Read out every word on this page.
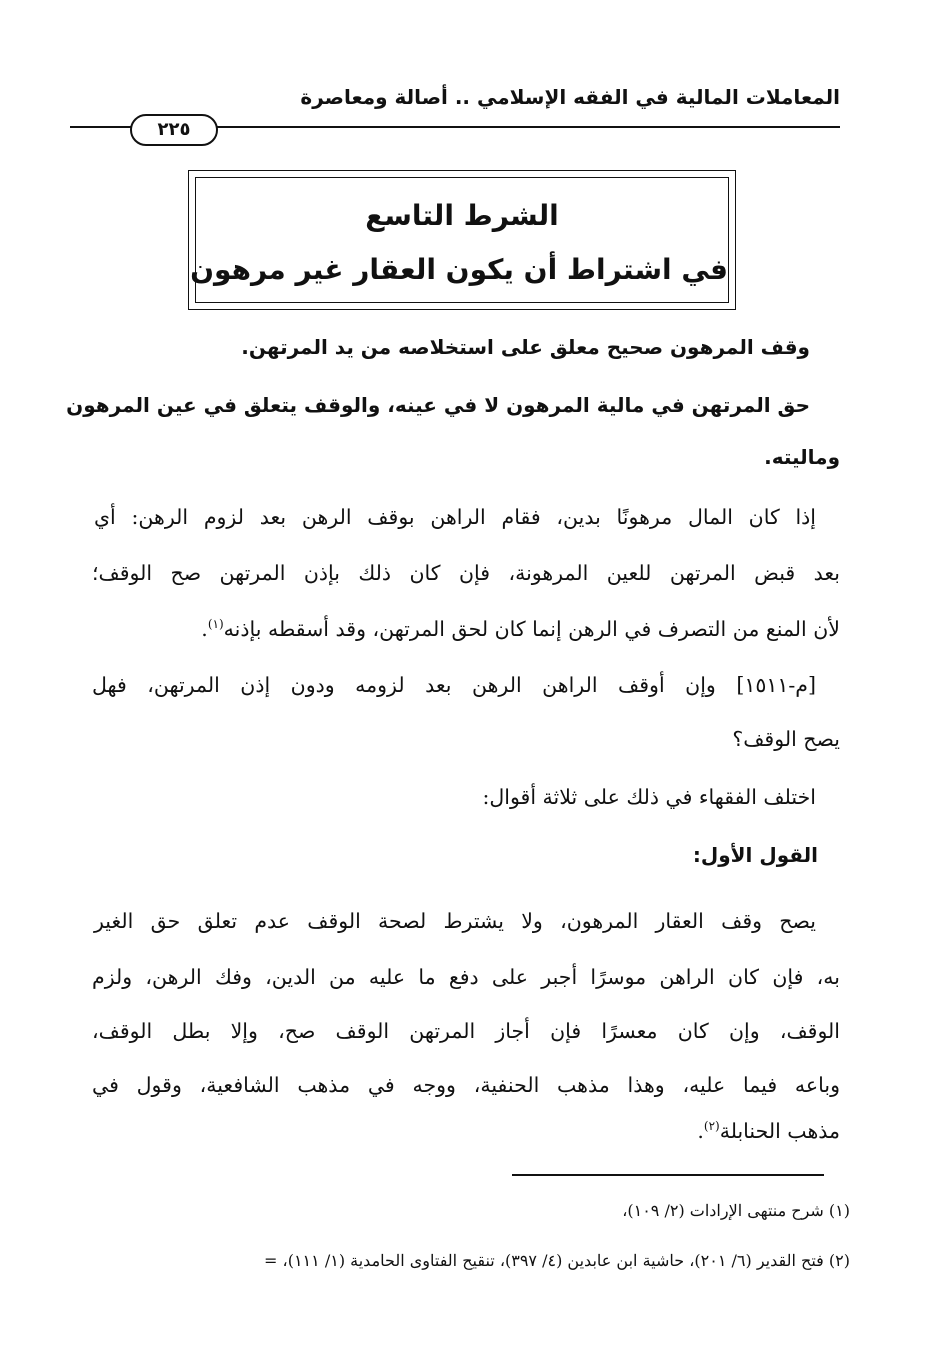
المعاملات المالية في الفقه الإسلامي .. أصالة ومعاصرة
٢٢٥
الشرط التاسع
في اشتراط أن يكون العقار غير مرهون
وقف المرهون صحيح معلق على استخلاصه من يد المرتهن.
حق المرتهن في مالية المرهون لا في عينه، والوقف يتعلق في عين المرهون
وماليته.
إذا كان المال مرهونًا بدين، فقام الراهن بوقف الرهن بعد لزوم الرهن: أي
بعد قبض المرتهن للعين المرهونة، فإن كان ذلك بإذن المرتهن صح الوقف؛
لأن المنع من التصرف في الرهن إنما كان لحق المرتهن، وقد أسقطه بإذنه$^{(١)}$.
[م-١٥١١] وإن أوقف الراهن الرهن بعد لزومه ودون إذن المرتهن، فهل
يصح الوقف؟
اختلف الفقهاء في ذلك على ثلاثة أقوال:
القول الأول:
يصح وقف العقار المرهون، ولا يشترط لصحة الوقف عدم تعلق حق الغير
به، فإن كان الراهن موسرًا أجبر على دفع ما عليه من الدين، وفك الرهن، ولزم
الوقف، وإن كان معسرًا فإن أجاز المرتهن الوقف صح، وإلا بطل الوقف،
وباعه فيما عليه، وهذا مذهب الحنفية، ووجه في مذهب الشافعية، وقول في
مذهب الحنابلة$^{(٢)}$.
(١) شرح منتهى الإرادات (٢/ ١٠٩)،
(٢) فتح القدير (٦/ ٢٠١)، حاشية ابن عابدين (٤/ ٣٩٧)، تنقيح الفتاوى الحامدية (١/ ١١١)، =
